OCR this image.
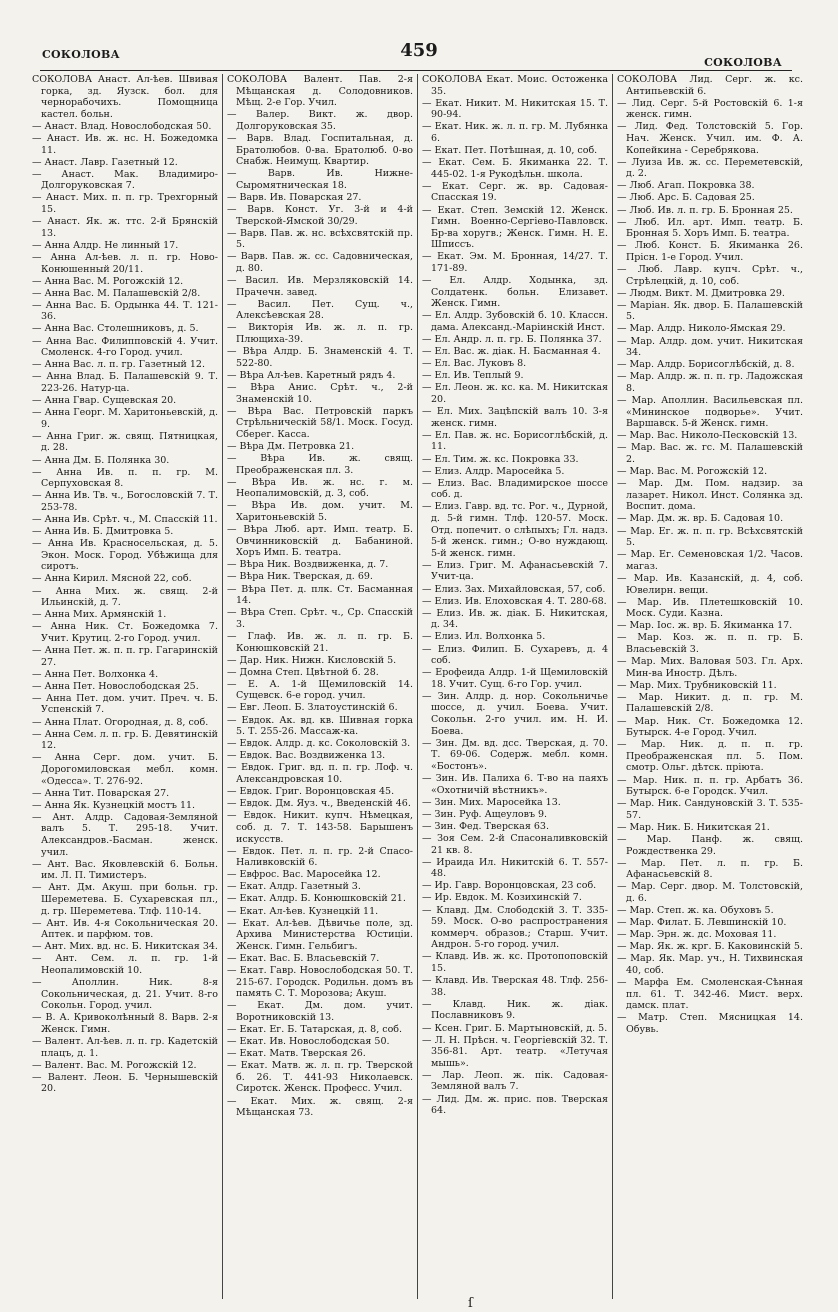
СОКОЛОВА	459
СОКОЛОВА
СОКОЛОВА Анаст. Ал-ѣев. Швивая горка, зд. Яузск. бол. для чернорабочихъ. Помощница кастел. больн.
— Анаст. Влад. Новослободская 50.
— Анаст. Ив. ж. нс. Н. Божедомка 11.
— Анаст. Лавр. Газетный 12.
— Анаст. Мак. Владимиро-Долгоруковская 7.
— Анаст. Мих. п. п. гр. Трехгорный 15.
— Анаст. Як. ж. ттс. 2-й Брянскій 13.
— Анна Алдр. Не линный 17.
— Анна Ал-ѣев. л. п. гр. Ново-Конюшенный 20/11.
— Анна Вас. М. Рогожскій 12.
— Анна Вас. М. Палашевскій 2/8.
— Анна Вас. Б. Ордынка 44. Т. 121-36.
— Анна Вас. Столешниковъ, д. 5.
— Анна Вас. Филипповскій 4. Учит. Смоленск. 4-го Город. учил.
— Анна Вас. л. п. гр. Газетный 12.
— Анна Влад. Б. Палашевскій 9. Т. 223-26. Натур-ца.
— Анна Гвар. Сущевская 20.
— Анна Георг. М. Харитоньевскій, д. 9.
— Анна Григ. ж. свящ. Пятницкая, д. 28.
— Анна Дм. Б. Полянка 30.
— Анна Ив. п. п. гр. М. Серпуховская 8.
— Анна Ив. Тв. ч., Богословскій 7. Т. 253-78.
— Анна Ив. Срѣт. ч., М. Спасскій 11.
— Анна Ив. Б. Дмитровка 5.
— Анна Ив. Красносельская, д. 5. Экон. Моск. Город. Убѣжища для сиротъ.
— Анна Кирил. Мясной 22, соб.
— Анна Мих. ж. свящ. 2-й Ильинскій, д. 7.
— Анна Мих. Армянскій 1.
— Анна Ник. Ст. Божедомка 7. Учит. Крутиц. 2-го Город. учил.
— Анна Пет. ж. п. п. гр. Гагаринскій 27.
— Анна Пет. Волхонка 4.
— Анна Пет. Новослободская 25.
— Анна Пет. дом. учит. Преч. ч. Б. Успенскій 7.
— Анна Плат. Огородная, д. 8, соб.
— Анна Сем. л. п. гр. Б. Девятинскій 12.
— Анна Серг. дом. учит. Б. Дорогомиловская мебл. комн. «Одесса». Т. 276-92.
— Анна Тит. Поварская 27.
— Анна Як. Кузнецкій мостъ 11.
— Ант. Алдр. Садовая-Земляной валъ 5. Т. 295-18. Учит. Александров.-Басман. женск. учил.
— Ант. Вас. Яковлевскій 6. Больн. им. Л. П. Тимистеръ.
— Ант. Дм. Акуш. при больн. гр. Шереметева. Б. Сухаревская пл., д. гр. Шереметева. Тлф. 110-14.
— Ант. Ив. 4-я Сокольническая 20. Аптек. и парфюм. тов.
— Ант. Мих. вд. нс. Б. Никитская 34.
— Ант. Сем. л. п. гр. 1-й Неопалимовскій 10.
— Аполлин. Ник. 8-я Сокольническая, д. 21. Учит. 8-го Сокольн. Город. учил.
— В. А. Кривоколѣнный 8. Варв. 2-я Женск. Гимн.
— Валент. Ал-ѣев. л. п. гр. Кадетскій плацъ, д. 1.
— Валент. Вас. М. Рогожскій 12.
— Валент. Леон. Б. Чернышевскій 20.
СОКОЛОВА Валент. Пав. 2-я Мѣщанская д. Солодовников. Мѣщ. 2-е Гор. Учил.
— Валер. Викт. ж. двор. Долгоруковская 35.
— Варв. Влад. Госпитальная, д. Братолюбов. 0-ва. Братолюб. 0-во Снабж. Неимущ. Квартир.
— Варв. Ив. Нижне-Сыромятническая 18.
— Варв. Ив. Поварская 27.
— Варв. Конст. Уг. 3-й и 4-й Тверской-Ямской 30/29.
— Варв. Пав. ж. нс. всѣхсвятскій пр. 5.
— Варв. Пав. ж. сс. Садовническая, д. 80.
— Васил. Ив. Мерзляковскій 14. Прачечн. завед.
— Васил. Пет. Сущ. ч., Алексѣевская 28.
— Викторія Ив. ж. л. п. гр. Плющиха-39.
— Вѣра Алдр. Б. Знаменскій 4. Т. 522-80.
— Вѣра Ал-ѣев. Каретный рядъ 4.
— Вѣра Анис. Срѣт. ч., 2-й Знаменскій 10.
— Вѣра Вас. Петровскій паркъ Стрѣльническій 58/1. Моск. Госуд. Сберег. Касса.
— Вѣра Дм. Петровка 21.
— Вѣра Ив. ж. свящ. Преображенская пл. 3.
— Вѣра Ив. ж. нс. г. м. Неопалимовскій, д. 3, соб.
— Вѣра Ив. дом. учит. М. Харитоньевскій 5.
— Вѣра Люб. арт. Имп. театр. Б. Овчинниковскій д. Бабаниной. Хоръ Имп. Б. театра.
— Вѣра Ник. Воздвиженка, д. 7.
— Вѣра Ник. Тверская, д. 69.
— Вѣра Пет. д. плк. Ст. Басманная 14.
— Вѣра Степ. Срѣт. ч., Ср. Спасскій 3.
— Глаф. Ив. ж. л. п. гр. Б. Конюшковскій 21.
— Дар. Ник. Нижн. Кисловскій 5.
— Домна Степ. Цвѣтной б. 28.
— Е. А. 1-й Щемиловскій 14. Сущевск. 6-е город. учил.
— Евг. Леоп. Б. Златоустинскій 6.
— Евдок. Ак. вд. кв. Шивная горка 5. Т. 255-26. Массаж-ка.
— Евдок. Алдр. д. кс. Соколовскій 3.
— Евдок. Вас. Воздвиженка 13.
— Евдок. Григ. вд. п. п. гр. Лоф. ч. Александровская 10.
— Евдок. Григ. Воронцовская 45.
— Евдок. Дм. Яуз. ч., Введенскій 46.
— Евдок. Никит. купч. Нѣмецкая, соб. д. 7. Т. 143-58. Барышенъ искусств.
— Евдок. Пет. л. п. гр. 2-й Спасо-Наливковскій 6.
— Евфрос. Вас. Маросейка 12.
— Екат. Алдр. Газетный 3.
— Екат. Алдр. Б. Конюшковскій 21.
— Екат. Ал-ѣев. Кузнецкій 11.
— Екат. Ал-ѣев. Дѣвичье поле, зд. Архива Министерства Юстиціи. Женск. Гимн. Гельбигъ.
— Екат. Вас. Б. Власьевскій 7.
— Екат. Гавр. Новослободская 50. Т. 215-67. Городск. Родильн. домъ въ память С. Т. Морозова; Акуш.
— Екат. Дм. дом. учит. Воротниковскій 13.
— Екат. Ег. Б. Татарская, д. 8, соб.
— Екат. Ив. Новослободская 50.
— Екат. Матв. Тверская 26.
— Екат. Матв. ж. л. п. гр. Тверской б. 26. Т. 441-93 Николаевск. Сиротск. Женск. Професс. Учил.
— Екат. Мих. ж. свящ. 2-я Мѣщанская 73.
СОКОЛОВА Екат. Моис. Остоженка 35.
— Екат. Никит. М. Никитская 15. Т. 90-94.
— Екат. Ник. ж. л. п. гр. М. Лубянка 6.
— Екат. Пет. Потѣшная, д. 10, соб.
— Екат. Сем. Б. Якиманка 22. Т. 445-02. 1-я Рукодѣльн. школа.
— Екат. Серг. ж. вр. Садовая-Спасская 19.
— Екат. Степ. Земскій 12. Женск. Гимн. Военно-Сергіево-Павловск. Бр-ва хоругв.; Женск. Гимн. Н. Е. Шписсъ.
— Екат. Эм. М. Бронная, 14/27. Т. 171-89.
— Ел. Алдр. Ходынка, зд. Солдатенк. больн. Елизавет. Женск. Гимн.
— Ел. Алдр. Зубовскій б. 10. Классн. дама. Александ.-Маріинскій Инст.
— Ел. Андр. л. п. гр. Б. Полянка 37.
— Ел. Вас. ж. діак. Н. Басманная 4.
— Ел. Вас. Луковъ 8.
— Ел. Ив. Теплый 9.
— Ел. Леон. ж. кс. ка. М. Никитская 20.
— Ел. Мих. Зацѣпскій валъ 10. 3-я женск. гимн.
— Ел. Пав. ж. нс. Борисоглѣбскій, д. 11.
— Ел. Тим. ж. кс. Покровка 33.
— Елиз. Алдр. Маросейка 5.
— Елиз. Вас. Владимирское шоссе соб. д.
— Елиз. Гавр. вд. тс. Рог. ч., Дурной, д. 5-й гимн. Тлф. 120-57. Моск. Отд. попечит. о слѣпыхъ; Гл. надз. 5-й женск. гимн.; О-во нуждающ. 5-й женск. гимн.
— Елиз. Григ. М. Афанасьевскій 7. Учит-ца.
— Елиз. Зах. Михайловская, 57, соб.
— Елиз. Ив. Елоховская 4. Т. 280-68.
— Елиз. Ив. ж. діак. Б. Никитская, д. 34.
— Елиз. Ил. Волхонка 5.
— Елиз. Филип. Б. Сухаревъ, д. 4 соб.
— Ерофеида Алдр. 1-й Щемиловскій 18. Учит. Сущ. 6-го Гор. учил.
— Зин. Алдр. д. нор. Сокольничье шоссе, д. учил. Боева. Учит. Сокольн. 2-го учил. им. Н. И. Боева.
— Зин. Дм. вд. дсс. Тверская, д. 70. Т. 69-06. Содерж. мебл. комн. «Бостонъ».
— Зин. Ив. Палиха 6. Т-во на паяхъ «Охотничій вѣстникъ».
— Зин. Мих. Маросейка 13.
— Зин. Руф. Ащеуловъ 9.
— Зин. Фед. Тверская 63.
— Зоя Сем. 2-й Спасоналивковскій 21 кв. 8.
— Ираида Ил. Никитскій 6. Т. 557-48.
— Ир. Гавр. Воронцовская, 23 соб.
— Ир. Евдок. М. Козихинскій 7.
— Клавд. Дм. Слободскій 3. Т. 335-59. Моск. О-во распространения коммерч. образов.; Старш. Учит. Андрон. 5-го город. учил.
— Клавд. Ив. ж. кс. Протопоповскій 15.
— Клавд. Ив. Тверская 48. Тлф. 256-38.
— Клавд. Ник. ж. діак. Пославниковъ 9.
— Ксен. Григ. Б. Мартыновскій, д. 5.
— Л. Н. Прѣсн. ч. Георгіевскій 32. Т. 356-81. Арт. театр. «Летучая мышь».
— Лар. Леоп. ж. пік. Садовая-Земляной валъ 7.
— Лид. Дм. ж. прис. пов. Тверская 64.
СОКОЛОВА Лид. Серг. ж. кс. Антипьевскій 6.
— Лид. Серг. 5-й Ростовскій 6. 1-я женск. гимн.
— Лид. Фед. Толстовскій 5. Гор. Нач. Женск. Учил. им. Ф. А. Копейкина - Серебрякова.
— Луиза Ив. ж. сс. Переметевскій, д. 2.
— Люб. Агап. Покровка 38.
— Люб. Арс. Б. Садовая 25.
— Люб. Ив. л. п. гр. Б. Бронная 25.
— Люб. Ил. арт. Имп. театр. Б. Бронная 5. Хоръ Имп. Б. театра.
— Люб. Конст. Б. Якиманка 26. Прісн. 1-е Город. Учил.
— Люб. Лавр. купч. Срѣт. ч., Стрѣлецкій, д. 10, соб.
— Людм. Викт. М. Дмитровка 29.
— Маріан. Як. двор. Б. Палашевскій 5.
— Мар. Алдр. Николо-Ямская 29.
— Мар. Алдр. дом. учит. Никитская 34.
— Мар. Алдр. Борисоглѣбскій, д. 8.
— Мар. Алдр. ж. п. п. гр. Ладожская 8.
— Мар. Аполлин. Васильевская пл. «Мининское подворье». Учит. Варшавск. 5-й Женск. гимн.
— Мар. Вас. Николо-Песковскій 13.
— Мар. Вас. ж. гс. М. Палашевскій 2.
— Мар. Вас. М. Рогожскій 12.
— Мар. Дм. Пом. надзир. за лазарет. Никол. Инст. Солянка зд. Воспит. дома.
— Мар. Дм. ж. вр. Б. Садовая 10.
— Мар. Ег. ж. п. п. гр. Всѣхсвятскій 5.
— Мар. Ег. Семеновская 1/2. Часов. магаз.
— Мар. Ив. Казанскій, д. 4, соб. Ювелирн. вещи.
— Мар. Ив. Плетешковскій 10. Моск. Суди. Казна.
— Мар. Іос. ж. вр. Б. Якиманка 17.
— Мар. Коз. ж. п. п. гр. Б. Власьевскій 3.
— Мар. Мих. Валовая 503. Гл. Арх. Мин-ва Иностр. Дѣлъ.
— Мар. Мих. Трубниковскій 11.
— Мар. Никит. д. п. гр. М. Палашевскій 2/8.
— Мар. Ник. Ст. Божедомка 12. Бутырск. 4-е Город. Учил.
— Мар. Ник. д. п. п. гр. Преображенская пл. 5. Пом. смотр. Ольг. дѣтск. пріюта.
— Мар. Ник. п. п. гр. Арбатъ 36. Бутырск. 6-е Городск. Учил.
— Мар. Ник. Сандуновскій 3. Т. 535-57.
— Мар. Ник. Б. Никитская 21.
— Мар. Панф. ж. свящ. Рождественка 29.
— Мар. Пет. л. п. гр. Б. Афанасьевскій 8.
— Мар. Серг. двор. М. Толстовскій, д. 6.
— Мар. Степ. ж. ка. Обуховъ 5.
— Мар. Филат. Б. Левшинскій 10.
— Мар. Эрн. ж. дс. Моховая 11.
— Мар. Як. ж. крг. Б. Каковинскій 5.
— Мар. Як. Мар. уч., Н. Тихвинская 40, соб.
— Марфа Ем. Смоленская-Сѣнная пл. 61. Т. 342-46. Мист. верх. дамск. плат.
— Матр. Степ. Мясницкая 14. Обувь.
ſ
